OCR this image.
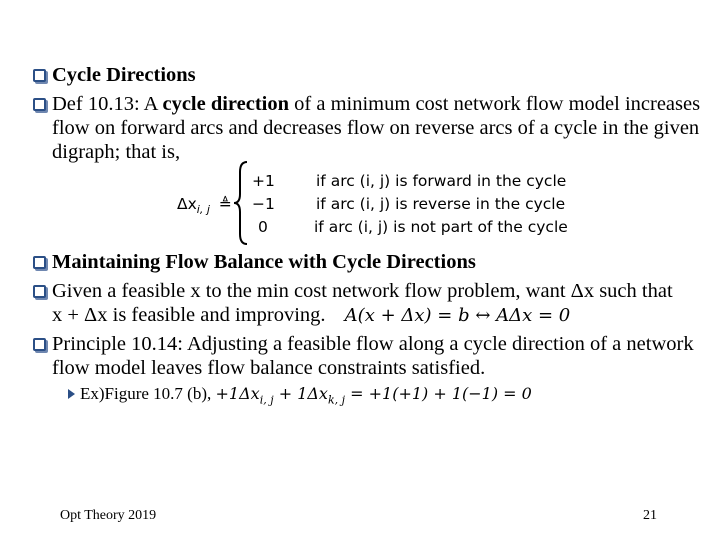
Cycle Directions
Def 10.13: A cycle direction of a minimum cost network flow model increases
flow on forward arcs and decreases flow on reverse arcs of a cycle in the given
digraph; that is,
$\Delta x_{i, j}$ ≜
+1	if arc (i, j) is forward in the cycle
−1	if arc (i, j) is reverse in the cycle
0	if arc (i, j) is not part of the cycle
Maintaining Flow Balance with Cycle Directions
Given a feasible x to the min cost network flow problem, want Δx such that
x + Δx is feasible and improving. A(x + Δx) = b ↔ AΔx = 0
Principle 10.14: Adjusting a feasible flow along a cycle direction of a network
flow model leaves flow balance constraints satisfied.
Ex)Figure 10.7 (b), $+1\Delta x_{i, j} + 1\Delta x_{k, j} = +1(+1) + 1(-1) = 0$
Opt Theory 2019	21
